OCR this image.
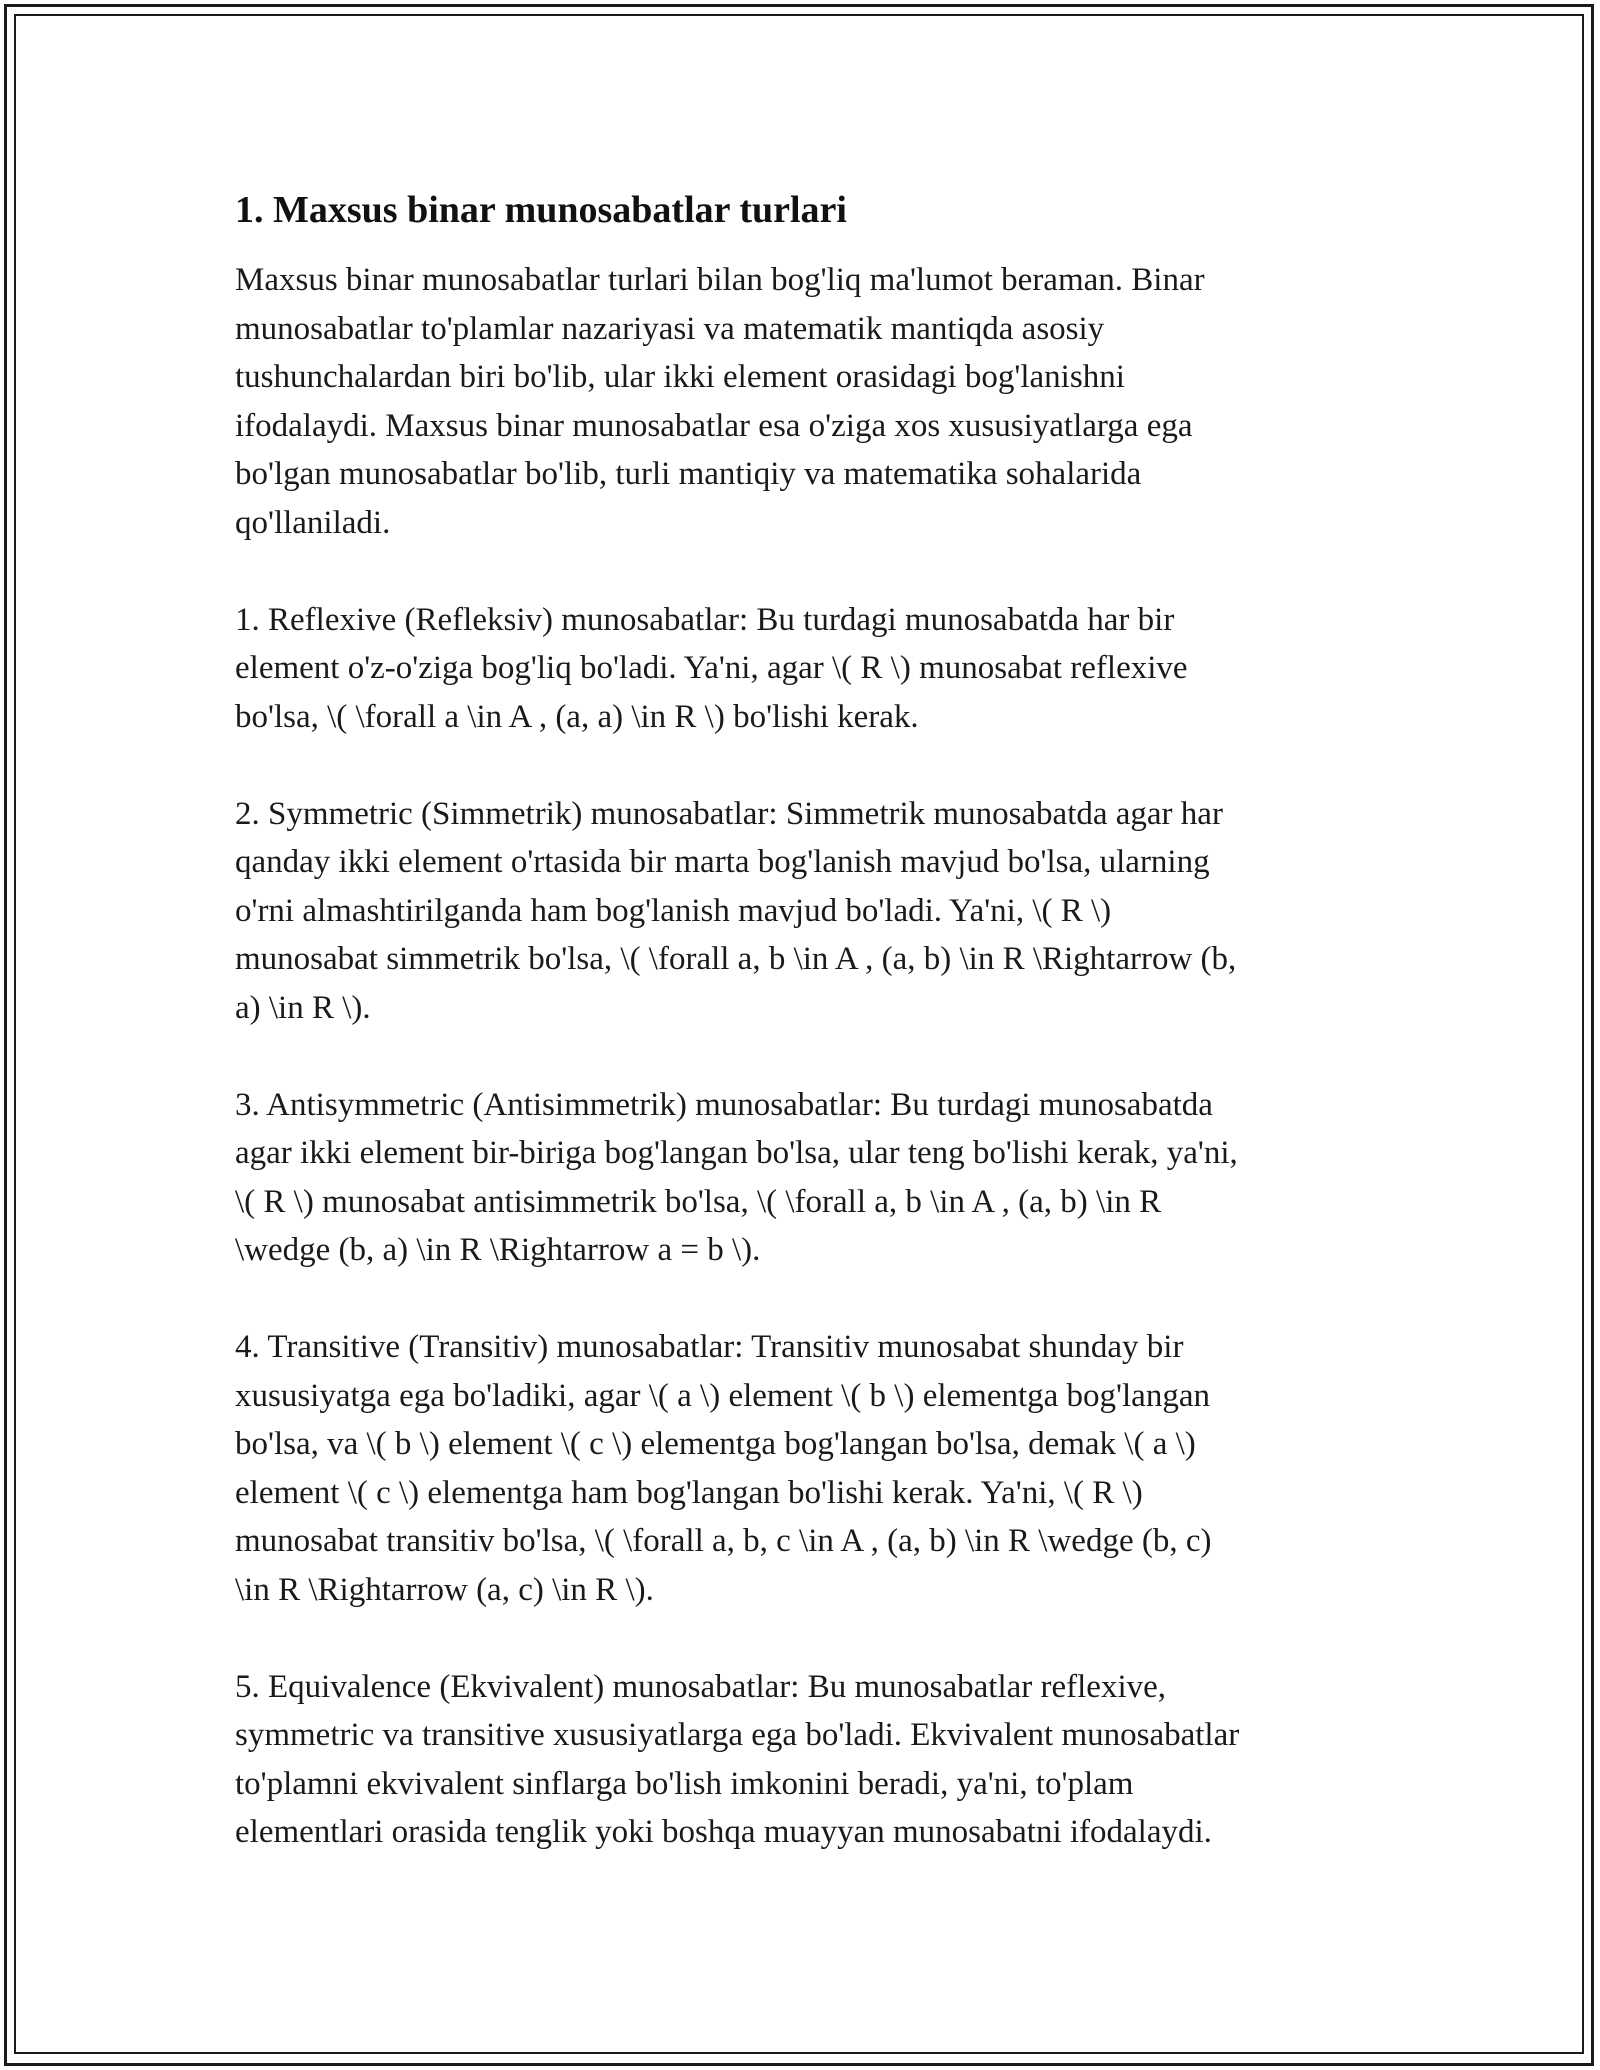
1. Maxsus binar munosabatlar turlari

Maxsus binar munosabatlar turlari bilan bog'liq ma'lumot beraman. Binar
munosabatlar to'plamlar nazariyasi va matematik mantiqda asosiy
tushunchalardan biri bo'lib, ular ikki element orasidagi bog'lanishni
ifodalaydi. Maxsus binar munosabatlar esa o'ziga xos xususiyatlarga ega
bo'lgan munosabatlar bo'lib, turli mantiqiy va matematika sohalarida
qo'llaniladi.

1. Reflexive (Refleksiv) munosabatlar: Bu turdagi munosabatda har bir
element o'z-o'ziga bog'liq bo'ladi. Ya'ni, agar \( R \) munosabat reflexive
bo'lsa, \( \forall a \in A , (a, a) \in R \) bo'lishi kerak.

2. Symmetric (Simmetrik) munosabatlar: Simmetrik munosabatda agar har
qanday ikki element o'rtasida bir marta bog'lanish mavjud bo'lsa, ularning
o'rni almashtirilganda ham bog'lanish mavjud bo'ladi. Ya'ni, \( R \)
munosabat simmetrik bo'lsa, \( \forall a, b \in A , (a, b) \in R \Rightarrow (b,
a) \in R \).

3. Antisymmetric (Antisimmetrik) munosabatlar: Bu turdagi munosabatda
agar ikki element bir-biriga bog'langan bo'lsa, ular teng bo'lishi kerak, ya'ni,
\( R \) munosabat antisimmetrik bo'lsa, \( \forall a, b \in A , (a, b) \in R
\wedge (b, a) \in R \Rightarrow a = b \).

4. Transitive (Transitiv) munosabatlar: Transitiv munosabat shunday bir
xususiyatga ega bo'ladiki, agar \( a \) element \( b \) elementga bog'langan
bo'lsa, va \( b \) element \( c \) elementga bog'langan bo'lsa, demak \( a \)
element \( c \) elementga ham bog'langan bo'lishi kerak. Ya'ni, \( R \)
munosabat transitiv bo'lsa, \( \forall a, b, c \in A , (a, b) \in R \wedge (b, c)
\in R \Rightarrow (a, c) \in R \).

5. Equivalence (Ekvivalent) munosabatlar: Bu munosabatlar reflexive,
symmetric va transitive xususiyatlarga ega bo'ladi. Ekvivalent munosabatlar
to'plamni ekvivalent sinflarga bo'lish imkonini beradi, ya'ni, to'plam
elementlari orasida tenglik yoki boshqa muayyan munosabatni ifodalaydi.
